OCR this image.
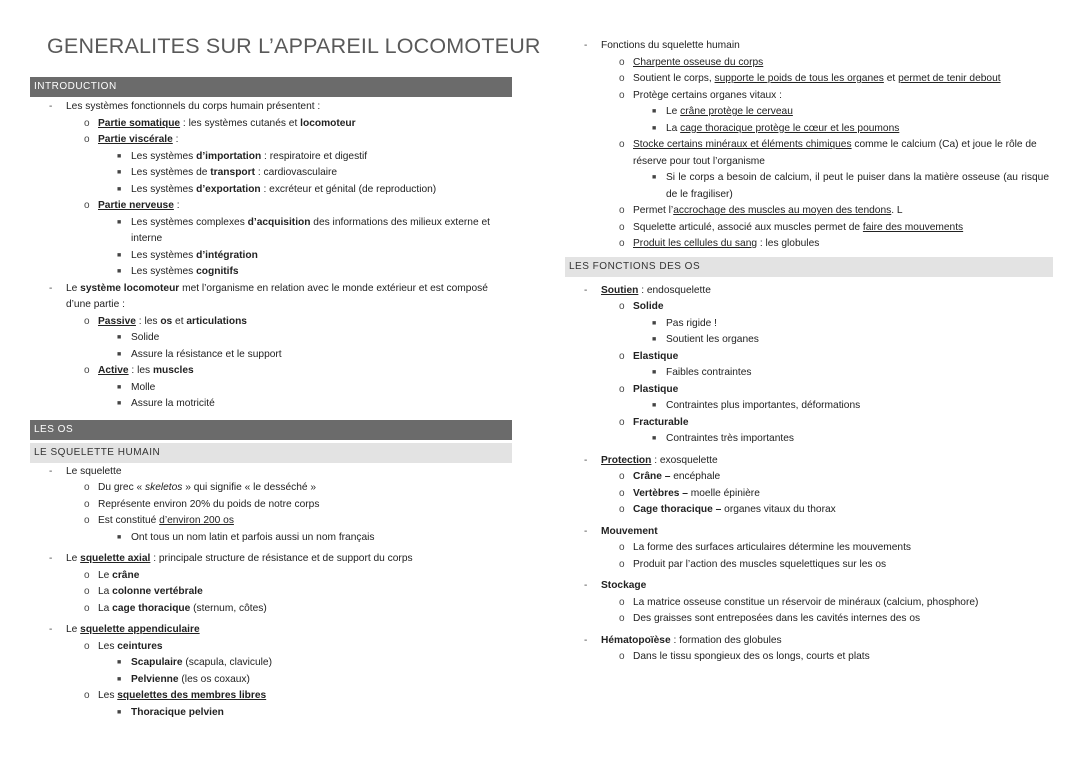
GENERALITES SUR L’APPAREIL LOCOMOTEUR
INTRODUCTION
- Les systèmes fonctionnels du corps humain présentent :
o Partie somatique : les systèmes cutanés et locomoteur
o Partie viscérale :
■ Les systèmes d’importation : respiratoire et digestif
■ Les systèmes de transport : cardiovasculaire
■ Les systèmes d’exportation : excréteur et génital (de reproduction)
o Partie nerveuse :
■ Les systèmes complexes d’acquisition des informations des milieux externe et interne
■ Les systèmes d’intégration
■ Les systèmes cognitifs
- Le système locomoteur met l’organisme en relation avec le monde extérieur et est composé d’une partie :
o Passive : les os et articulations
■ Solide
■ Assure la résistance et le support
o Active : les muscles
■ Molle
■ Assure la motricité
LES OS
LE SQUELETTE HUMAIN
- Le squelette
o Du grec « skeletos » qui signifie « le desséché »
o Représente environ 20% du poids de notre corps
o Est constitué d’environ 200 os
■ Ont tous un nom latin et parfois aussi un nom français
- Le squelette axial : principale structure de résistance et de support du corps
o Le crâne
o La colonne vertébrale
o La cage thoracique (sternum, côtes)
- Le squelette appendiculaire
o Les ceintures
■ Scapulaire (scapula, clavicule)
■ Pelvienne (les os coxaux)
o Les squelettes des membres libres
■ Thoracique pelvien
- Fonctions du squelette humain
o Charpente osseuse du corps
o Soutient le corps, supporte le poids de tous les organes et permet de tenir debout
o Protège certains organes vitaux :
■ Le crâne protège le cerveau
■ La cage thoracique protège le cœur et les poumons
o Stocke certains minéraux et éléments chimiques comme le calcium (Ca) et joue le rôle de réserve pour tout l’organisme
■ Si le corps a besoin de calcium, il peut le puiser dans la matière osseuse (au risque de le fragiliser)
o Permet l’accrochage des muscles au moyen des tendons. L
o Squelette articulé, associé aux muscles permet de faire des mouvements
o Produit les cellules du sang : les globules
LES FONCTIONS DES OS
- Soutien : endosquelette
o Solide
■ Pas rigide !
■ Soutient les organes
o Elastique
■ Faibles contraintes
o Plastique
■ Contraintes plus importantes, déformations
o Fracturable
■ Contraintes très importantes
- Protection : exosquelette
o Crâne – encéphale
o Vertèbres – moelle épinière
o Cage thoracique – organes vitaux du thorax
- Mouvement
o La forme des surfaces articulaires détermine les mouvements
o Produit par l’action des muscles squelettiques sur les os
- Stockage
o La matrice osseuse constitue un réservoir de minéraux (calcium, phosphore)
o Des graisses sont entreposées dans les cavités internes des os
- Hématopoïèse : formation des globules
o Dans le tissu spongieux des os longs, courts et plats
